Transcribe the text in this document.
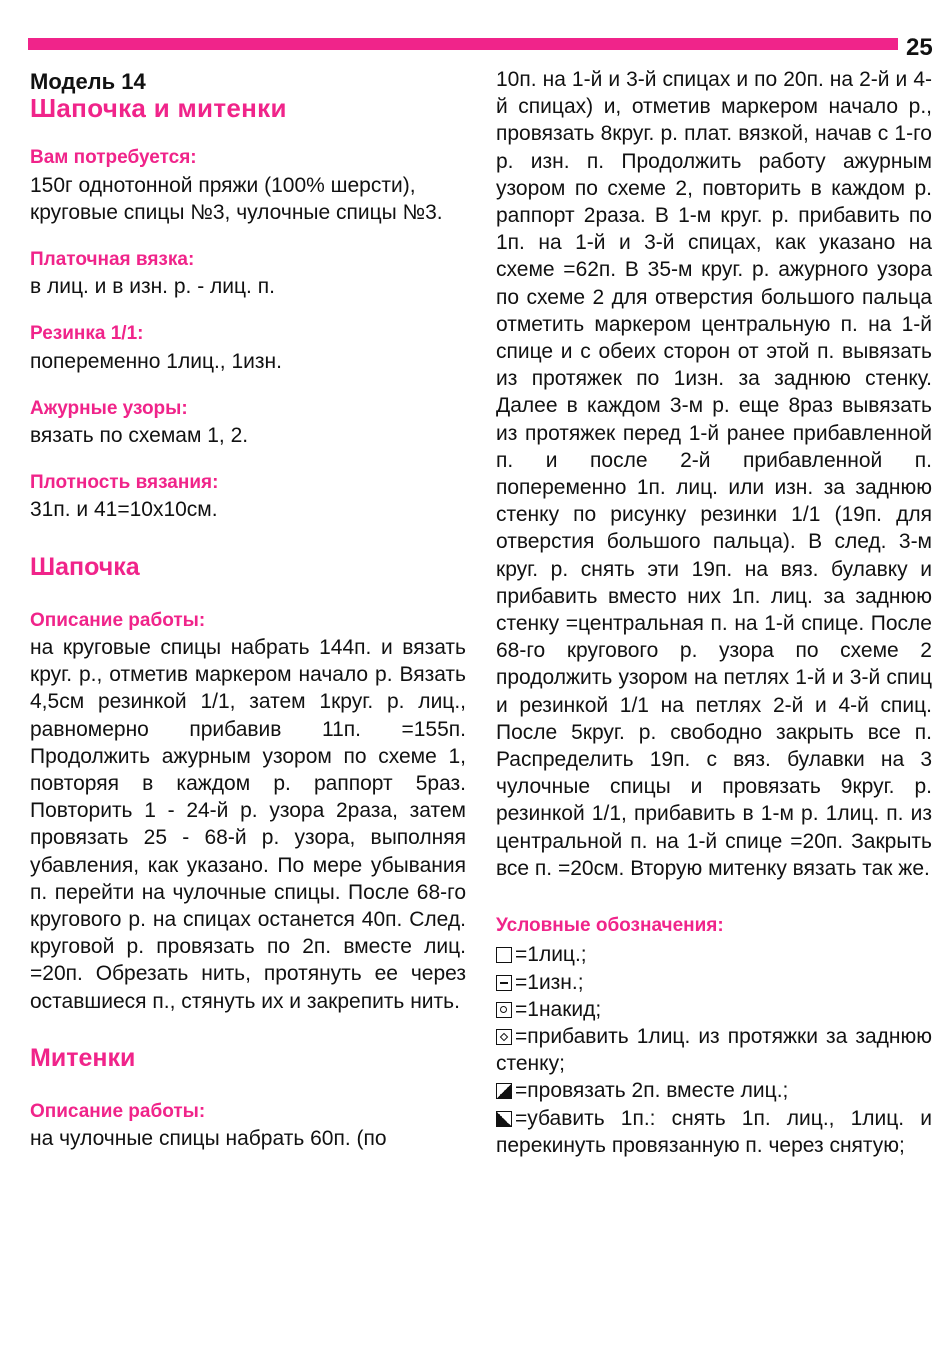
25

Модель 14

Шапочка и митенки

Вам потребуется:

150г однотонной пряжи (100% шерсти), круговые спицы №3, чулочные спицы №3.

Платочная вязка:

в лиц. и в изн. р. - лиц. п.

Резинка 1/1:

попеременно 1лиц., 1изн.

Ажурные узоры:

вязать по схемам 1, 2.

Плотность вязания:

31п. и 41=10х10см.

Шапочка

Описание работы:

на круговые спицы набрать 144п. и вязать круг. р., отметив маркером начало р. Вязать 4,5см резинкой 1/1, затем 1круг. р. лиц., равномерно прибавив 11п. =155п. Продолжить ажурным узором по схеме 1, повторяя в каждом р. раппорт 5раз. Повторить 1 - 24-й р. узора 2раза, затем провязать 25 - 68-й р. узора, выполняя убавления, как указано. По мере убывания п. перейти на чулочные спицы. После 68-го кругового р. на спицах останется 40п. След. круговой р. провязать по 2п. вместе лиц. =20п. Обрезать нить, протянуть ее через оставшиеся п., стянуть их и закрепить нить.

Митенки

Описание работы:

на чулочные спицы набрать 60п. (по

10п. на 1-й и 3-й спицах и по 20п. на 2-й и 4-й спицах) и, отметив маркером начало р., провязать 8круг. р. плат. вязкой, начав с 1-го р. изн. п. Продолжить работу ажурным узором по схеме 2, повторить в каждом р. раппорт 2раза. В 1-м круг. р. прибавить по 1п. на 1-й и 3-й спицах, как указано на схеме =62п. В 35-м круг. р. ажурного узора по схеме 2 для отверстия большого пальца отметить маркером центральную п. на 1-й спице и с обеих сторон от этой п. вывязать из протяжек по 1изн. за заднюю стенку. Далее в каждом 3-м р. еще 8раз вывязать из протяжек перед 1-й ранее прибавленной п. и после 2-й прибавленной п. попеременно 1п. лиц. или изн. за заднюю стенку по рисунку резинки 1/1 (19п. для отверстия большого пальца). В след. 3-м круг. р. снять эти 19п. на вяз. булавку и прибавить вместо них 1п. лиц. за заднюю стенку =центральная п. на 1-й спице. После 68-го кругового р. узора по схеме 2 продолжить узором на петлях 1-й и 3-й спиц и резинкой 1/1 на петлях 2-й и 4-й спиц. После 5круг. р. свободно закрыть все п. Распределить 19п. с вяз. булавки на 3 чулочные спицы и провязать 9круг. р. резинкой 1/1, прибавить в 1-м р. 1лиц. п. из центральной п. на 1-й спице =20п. Закрыть все п. =20см. Вторую митенку вязать так же.

Условные обозначения:

=1лиц.;

=1изн.;

=1накид;

=прибавить 1лиц. из протяжки за заднюю стенку;

=провязать 2п. вместе лиц.;

=убавить 1п.: снять 1п. лиц., 1лиц. и перекинуть провязанную п. через снятую;
